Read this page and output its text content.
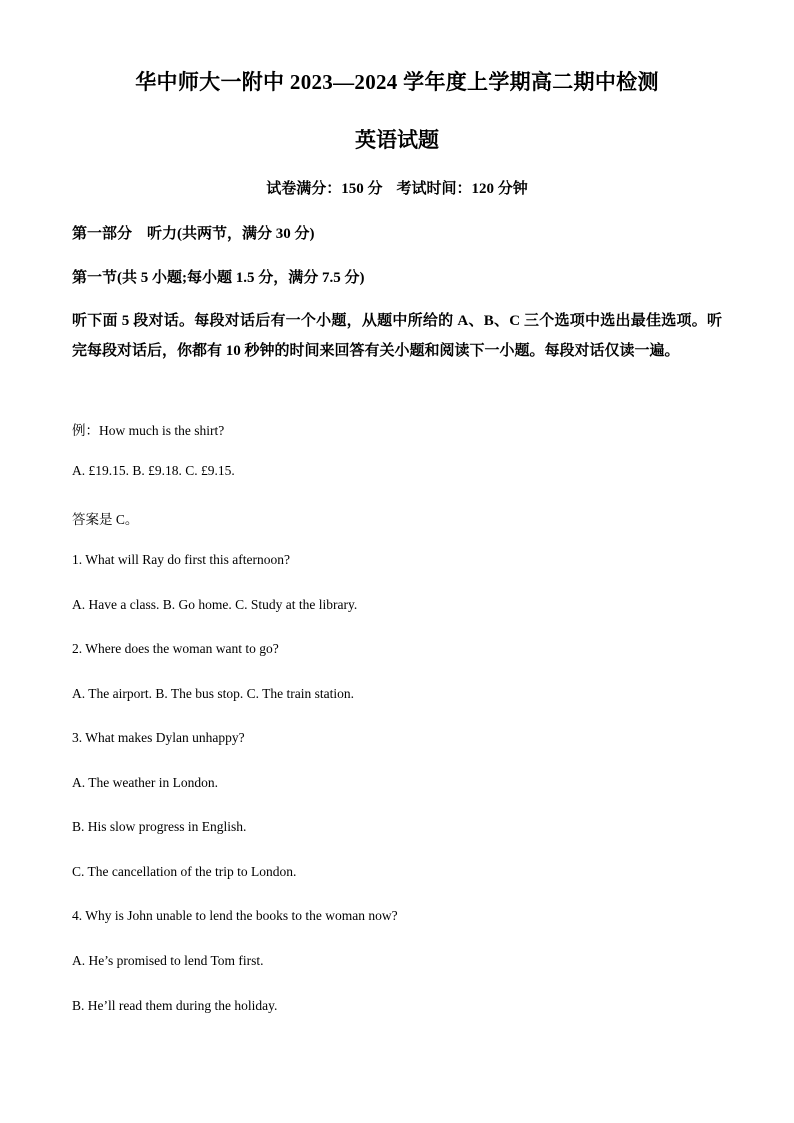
华中师大一附中 2023—2024 学年度上学期高二期中检测
英语试题
试卷满分：150 分 考试时间：120 分钟
第一部分　听力(共两节，满分 30 分)
第一节(共 5 小题;每小题 1.5 分，满分 7.5 分)
听下面 5 段对话。每段对话后有一个小题，从题中所给的 A、B、C 三个选项中选出最佳选项。听完每段对话后，你都有 10 秒钟的时间来回答有关小题和阅读下一小题。每段对话仅读一遍。
例：How much is the shirt?
A. £19.15. B. £9.18. C. £9.15.
答案是 C。
1. What will Ray do first this afternoon?
A. Have a class. B. Go home. C. Study at the library.
2. Where does the woman want to go?
A. The airport. B. The bus stop. C. The train station.
3. What makes Dylan unhappy?
A. The weather in London.
B. His slow progress in English.
C. The cancellation of the trip to London.
4. Why is John unable to lend the books to the woman now?
A. He’s promised to lend Tom first.
B. He’ll read them during the holiday.
